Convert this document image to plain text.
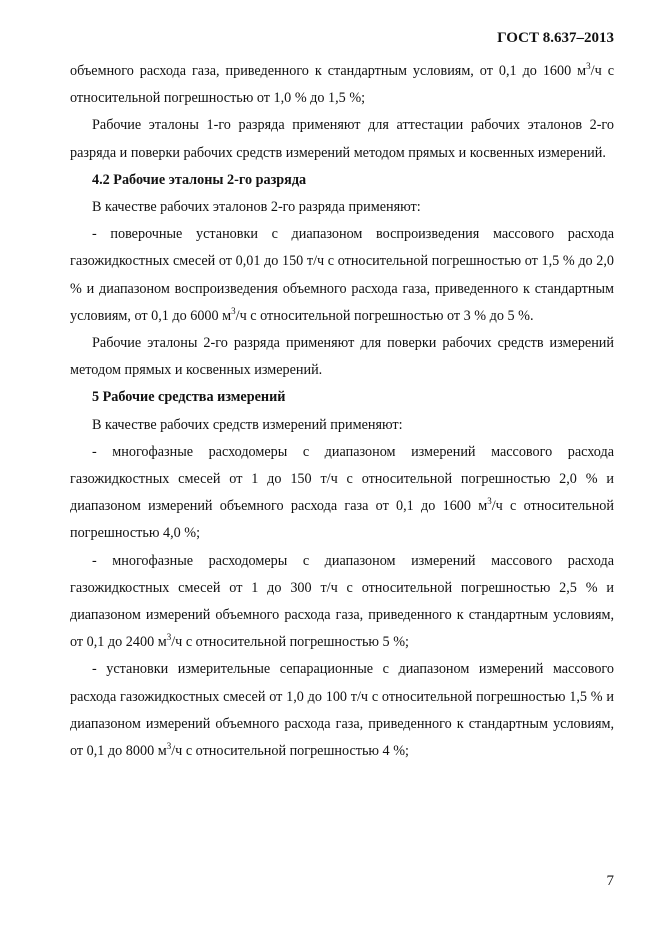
ГОСТ 8.637–2013

объемного расхода газа, приведенного к стандартным условиям, от 0,1 до 1600 $м^3/ч$ с относительной погрешностью от 1,0 % до 1,5 %;

Рабочие эталоны 1-го разряда применяют для аттестации рабочих эталонов 2-го разряда и поверки рабочих средств измерений методом прямых и косвенных измерений.

4.2 Рабочие эталоны 2-го разряда

В качестве рабочих эталонов 2-го разряда применяют:

- поверочные установки с диапазоном воспроизведения массового расхода газожидкостных смесей от 0,01 до 150 т/ч с относительной погрешностью от 1,5 % до 2,0 % и диапазоном воспроизведения объемного расхода газа, приведенного к стандартным условиям, от 0,1 до 6000 $м^3/ч$ с относительной погрешностью от 3 % до 5 %.

Рабочие эталоны 2-го разряда применяют для поверки рабочих средств измерений методом прямых и косвенных измерений.

5 Рабочие средства измерений

В качестве рабочих средств измерений применяют:

- многофазные расходомеры с диапазоном измерений массового расхода газожидкостных смесей от 1 до 150 т/ч с относительной погрешностью 2,0 % и диапазоном измерений объемного расхода газа от 0,1 до 1600 $м^3/ч$ с относительной погрешностью 4,0 %;

- многофазные расходомеры с диапазоном измерений массового расхода газожидкостных смесей от 1 до 300 т/ч с относительной погрешностью 2,5 % и диапазоном измерений объемного расхода газа, приведенного к стандартным условиям, от 0,1 до 2400 $м^3/ч$ с относительной погрешностью 5 %;

- установки измерительные сепарационные с диапазоном измерений массового расхода газожидкостных смесей от 1,0 до 100 т/ч с относительной погрешностью 1,5 % и диапазоном измерений объемного расхода газа, приведенного к стандартным условиям, от 0,1 до 8000 $м^3/ч$ с относительной погрешностью 4 %;

7
